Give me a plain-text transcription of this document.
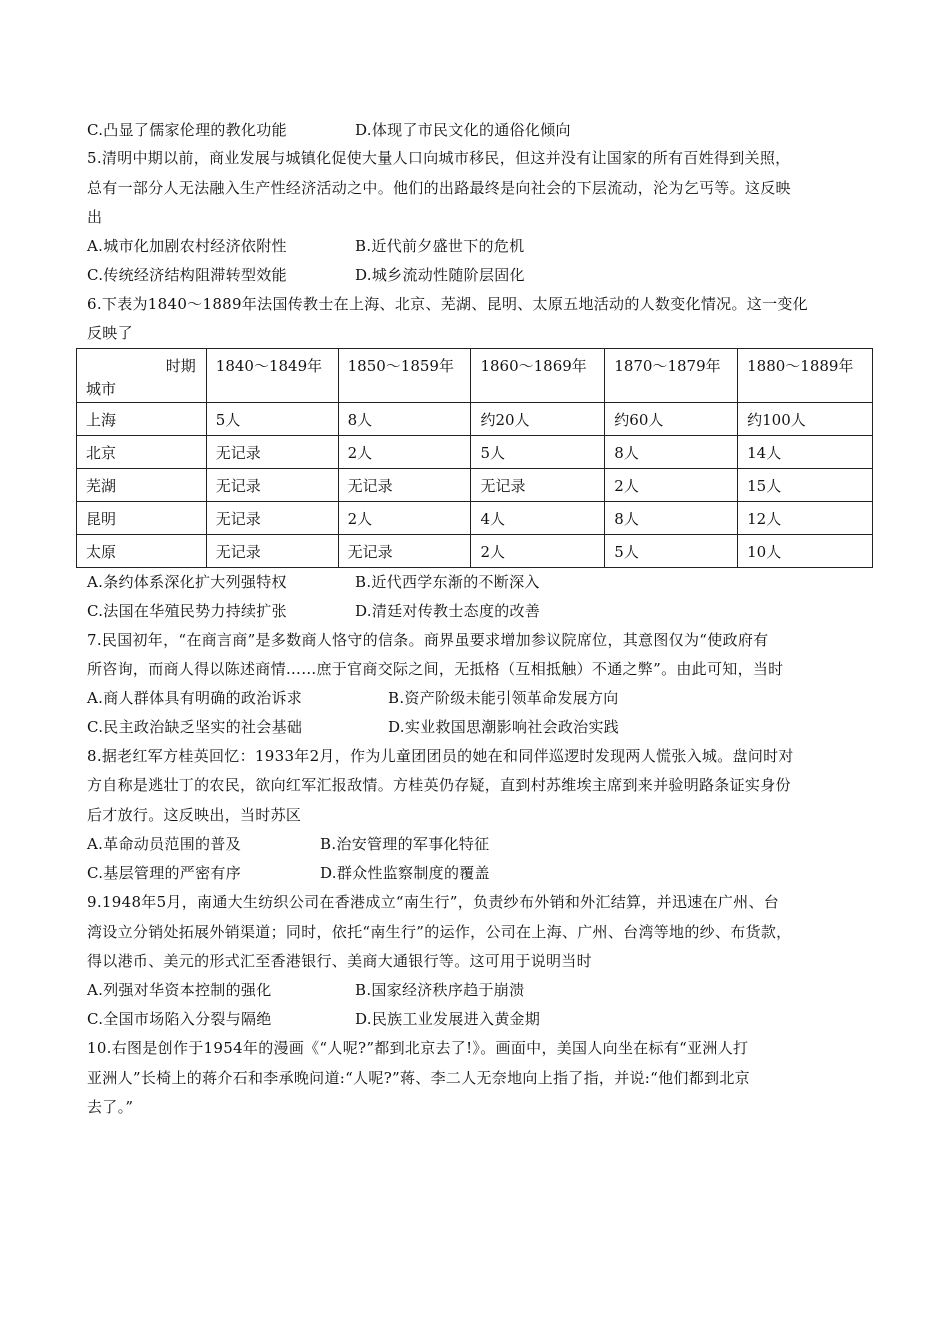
C.凸显了儒家伦理的教化功能	D.体现了市民文化的通俗化倾向
5.清明中期以前，商业发展与城镇化促使大量人口向城市移民，但这并没有让国家的所有百姓得到关照，
总有一部分人无法融入生产性经济活动之中。他们的出路最终是向社会的下层流动，沦为乞丐等。这反映
出
A.城市化加剧农村经济依附性	B.近代前夕盛世下的危机
C.传统经济结构阻滞转型效能	D.城乡流动性随阶层固化
6.下表为1840～1889年法国传教士在上海、北京、芜湖、昆明、太原五地活动的人数变化情况。这一变化
反映了
时期
城市	1840～1849年	1850～1859年	1860～1869年	1870～1879年	1880～1889年

上海	5人	8人	约20人	约60人	约100人
北京	无记录	2人	5人	8人	14人
芜湖	无记录	无记录	无记录	2人	15人
昆明	无记录	2人	4人	8人	12人
太原	无记录	无记录	2人	5人	10人
A.条约体系深化扩大列强特权	B.近代西学东渐的不断深入
C.法国在华殖民势力持续扩张	D.清廷对传教士态度的改善
7.民国初年，“在商言商”是多数商人恪守的信条。商界虽要求增加参议院席位，其意图仅为“使政府有
所咨询，而商人得以陈述商情……庶于官商交际之间，无抵格（互相抵触）不通之弊”。由此可知，当时
A.商人群体具有明确的政治诉求	B.资产阶级未能引领革命发展方向
C.民主政治缺乏坚实的社会基础	D.实业救国思潮影响社会政治实践
8.据老红军方桂英回忆：1933年2月，作为儿童团团员的她在和同伴巡逻时发现两人慌张入城。盘问时对
方自称是逃壮丁的农民，欲向红军汇报敌情。方桂英仍存疑，直到村苏维埃主席到来并验明路条证实身份
后才放行。这反映出，当时苏区
A.革命动员范围的普及	B.治安管理的军事化特征
C.基层管理的严密有序	D.群众性监察制度的覆盖
9.1948年5月，南通大生纺织公司在香港成立“南生行”，负责纱布外销和外汇结算，并迅速在广州、台
湾设立分销处拓展外销渠道；同时，依托“南生行”的运作，公司在上海、广州、台湾等地的纱、布货款，
得以港币、美元的形式汇至香港银行、美商大通银行等。这可用于说明当时
A.列强对华资本控制的强化	B.国家经济秩序趋于崩溃
C.全国市场陷入分裂与隔绝	D.民族工业发展进入黄金期
10.右图是创作于1954年的漫画《“人呢?”都到北京去了!》。画面中，美国人向坐在标有“亚洲人打
亚洲人”长椅上的蒋介石和李承晚问道:“人呢?”蒋、李二人无奈地向上指了指，并说:“他们都到北京
去了。”
